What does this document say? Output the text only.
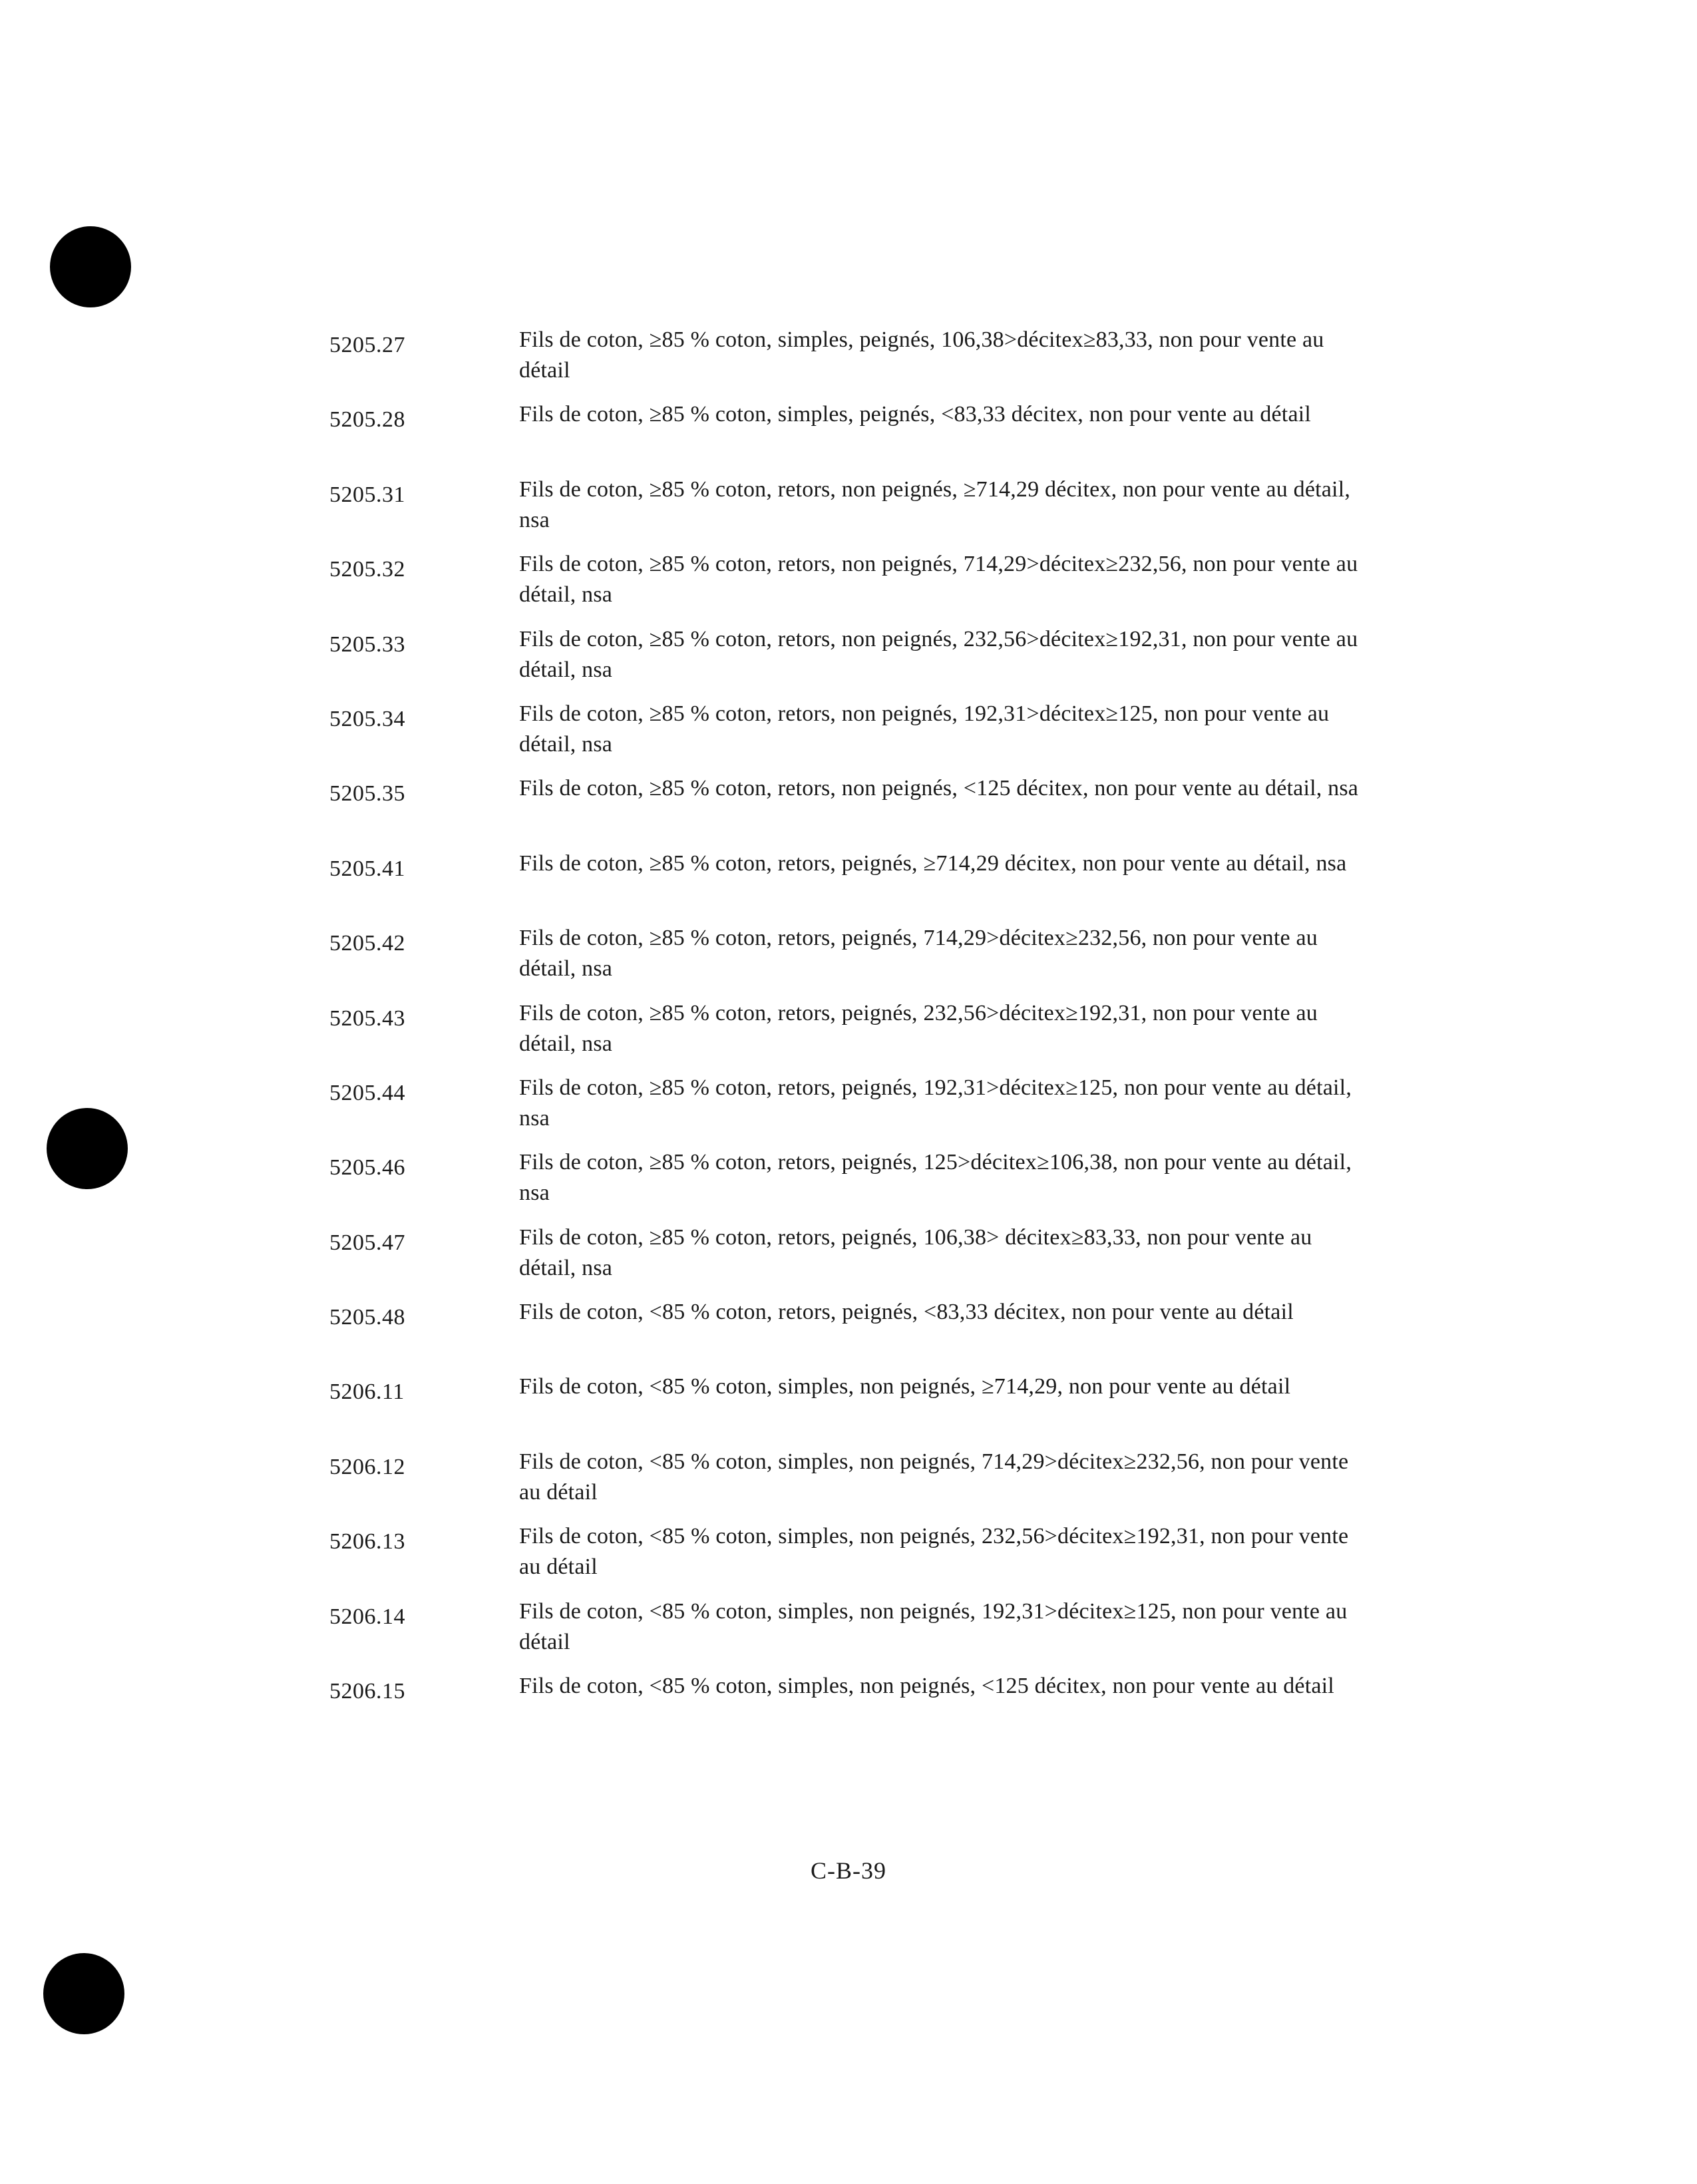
5205.27	Fils de coton, ≥85 % coton, simples, peignés, 106,38>décitex≥83,33, non pour vente au détail
5205.28	Fils de coton, ≥85 % coton, simples, peignés, <83,33 décitex, non pour vente au détail
5205.31	Fils de coton, ≥85 % coton, retors, non peignés, ≥714,29 décitex, non pour vente au détail, nsa
5205.32	Fils de coton, ≥85 % coton, retors, non peignés, 714,29>décitex≥232,56, non pour vente au détail, nsa
5205.33	Fils de coton, ≥85 % coton, retors, non peignés, 232,56>décitex≥192,31, non pour vente au détail, nsa
5205.34	Fils de coton, ≥85 % coton, retors, non peignés, 192,31>décitex≥125, non pour vente au détail, nsa
5205.35	Fils de coton, ≥85 % coton, retors, non peignés, <125 décitex, non pour vente au détail, nsa
5205.41	Fils de coton, ≥85 % coton, retors, peignés, ≥714,29 décitex, non pour vente au détail, nsa
5205.42	Fils de coton, ≥85 % coton, retors, peignés, 714,29>décitex≥232,56, non pour vente au détail, nsa
5205.43	Fils de coton, ≥85 % coton, retors, peignés, 232,56>décitex≥192,31, non pour vente au détail, nsa
5205.44	Fils de coton, ≥85 % coton, retors, peignés, 192,31>décitex≥125, non pour vente au détail, nsa
5205.46	Fils de coton, ≥85 % coton, retors, peignés, 125>décitex≥106,38, non pour vente au détail, nsa
5205.47	Fils de coton, ≥85 % coton, retors, peignés, 106,38> décitex≥83,33, non pour vente au détail, nsa
5205.48	Fils de coton, <85 % coton, retors, peignés, <83,33 décitex, non pour vente au détail
5206.11	Fils de coton, <85 % coton, simples, non peignés, ≥714,29, non pour vente au détail
5206.12	Fils de coton, <85 % coton, simples, non peignés, 714,29>décitex≥232,56, non pour vente au détail
5206.13	Fils de coton, <85 % coton, simples, non peignés, 232,56>décitex≥192,31, non pour vente au détail
5206.14	Fils de coton, <85 % coton, simples, non peignés, 192,31>décitex≥125, non pour vente au détail
5206.15	Fils de coton, <85 % coton, simples, non peignés, <125 décitex, non pour vente au détail
C-B-39
